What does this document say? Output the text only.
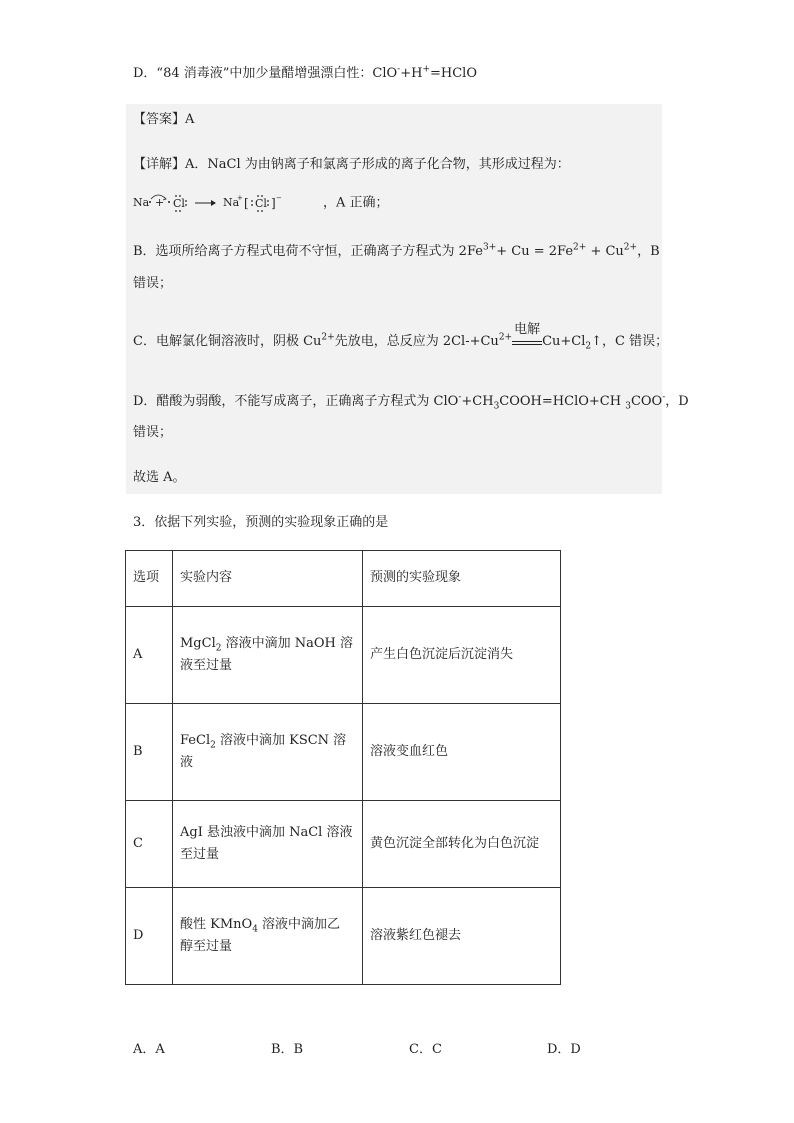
D．“84 消毒液”中加少量醋增强漂白性：ClO-+H+=HClO
【答案】A
【详解】A．NaCl 为由钠离子和氯离子形成的离子化合物，其形成过程为：
Na + Cl	Na
+ [ Cl ] −	，A 正确；
B．选项所给离子方程式电荷不守恒，正确离子方程式为 $2Fe^{3+}+ Cu = 2Fe^{2+} + Cu^{2+}$，B
错误；
C．电解氯化铜溶液时，阴极 $Cu^{2+}$先放电，总反应为 $2Cl-+Cu^{2+}$
电解
$Cu+Cl_2↑$，C 错误；
D．醋酸为弱酸，不能写成离子，正确离子方程式为 $ClO^-+CH_3COOH=HClO+CH$ $_3$COO-，D
错误；
故选 A。
3．依据下列实验，预测的实验现象正确的是
选项	实验内容	预测的实验现象
A	MgCl$_2$ 溶液中滴加 NaOH 溶
液至过量	产生白色沉淀后沉淀消失
B	FeCl$_2$ 溶液中滴加 KSCN 溶
液	溶液变血红色
C	AgI 悬浊液中滴加 NaCl 溶液
至过量	黄色沉淀全部转化为白色沉淀
D	酸性 KMnO$_4$ 溶液中滴加乙
醇至过量	溶液紫红色褪去
A．A	B．B	C．C	D．D
